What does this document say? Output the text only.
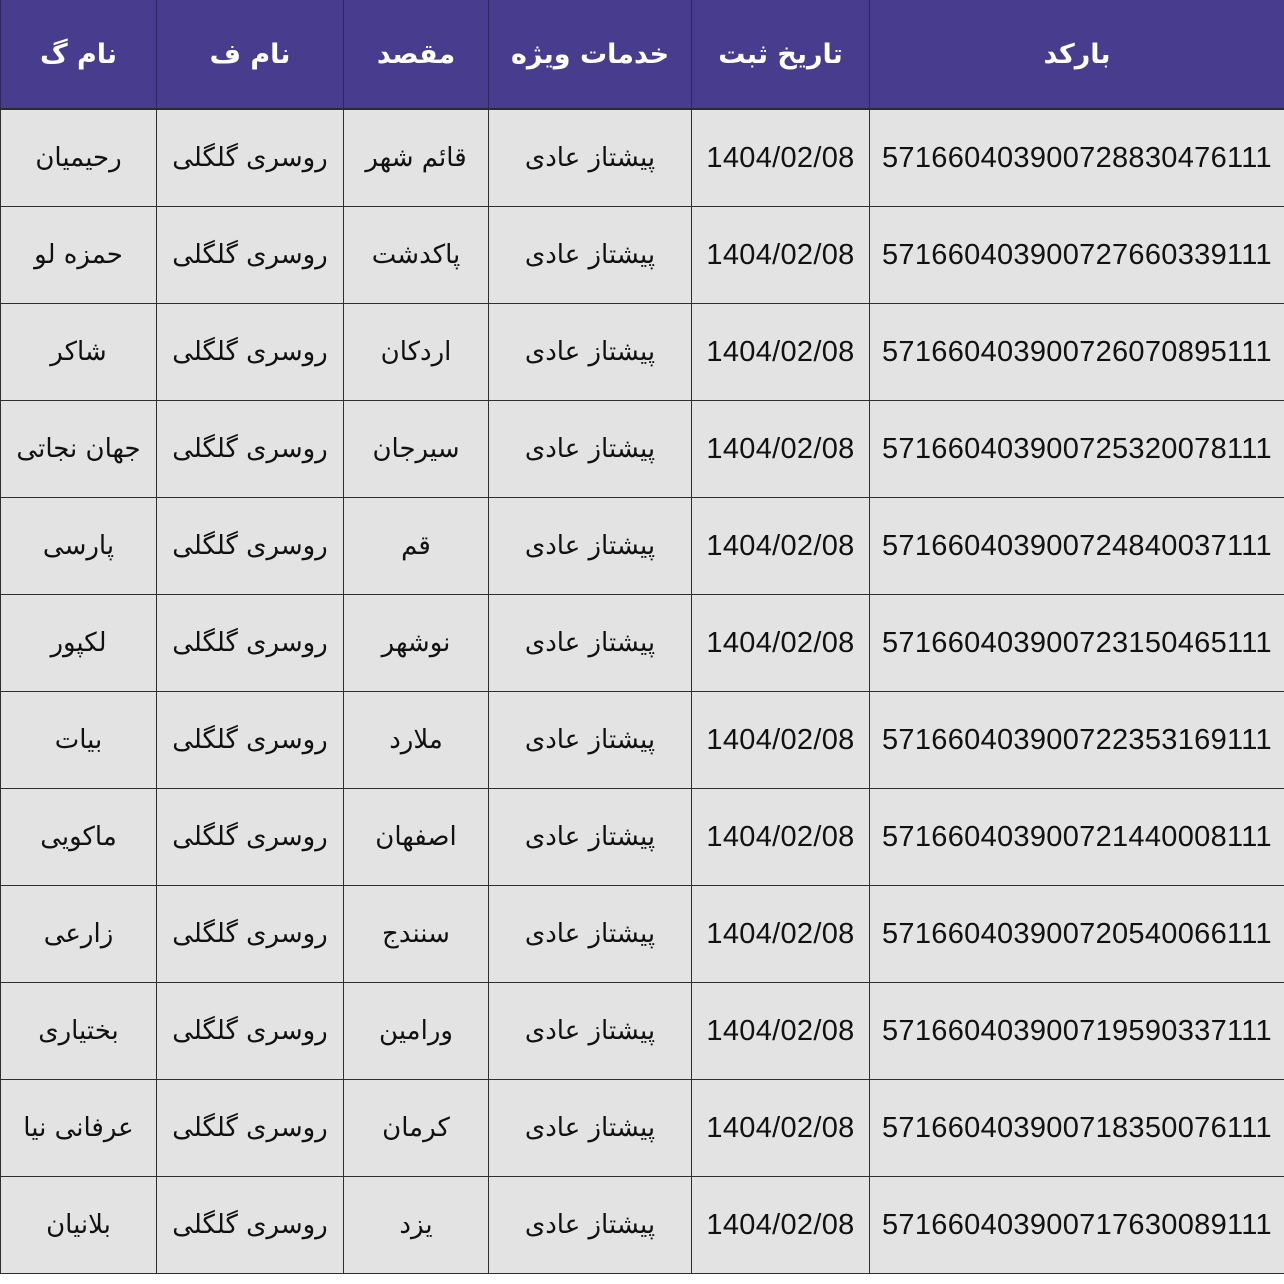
بارکد	تاریخ ثبت	خدمات ویژه	مقصد	نام ف	نام گ
571660403900728830476111	1404/02/08	پیشتاز عادی	قائم شهر	روسری گلگلی	رحیمیان
571660403900727660339111	1404/02/08	پیشتاز عادی	پاکدشت	روسری گلگلی	حمزه لو
571660403900726070895111	1404/02/08	پیشتاز عادی	اردکان	روسری گلگلی	شاکر
571660403900725320078111	1404/02/08	پیشتاز عادی	سیرجان	روسری گلگلی	جهان نجاتی
571660403900724840037111	1404/02/08	پیشتاز عادی	قم	روسری گلگلی	پارسی
571660403900723150465111	1404/02/08	پیشتاز عادی	نوشهر	روسری گلگلی	لکپور
571660403900722353169111	1404/02/08	پیشتاز عادی	ملارد	روسری گلگلی	بیات
571660403900721440008111	1404/02/08	پیشتاز عادی	اصفهان	روسری گلگلی	ماکویی
571660403900720540066111	1404/02/08	پیشتاز عادی	سنندج	روسری گلگلی	زارعی
571660403900719590337111	1404/02/08	پیشتاز عادی	ورامین	روسری گلگلی	بختیاری
571660403900718350076111	1404/02/08	پیشتاز عادی	کرمان	روسری گلگلی	عرفانی نیا
571660403900717630089111	1404/02/08	پیشتاز عادی	یزد	روسری گلگلی	بلانیان
